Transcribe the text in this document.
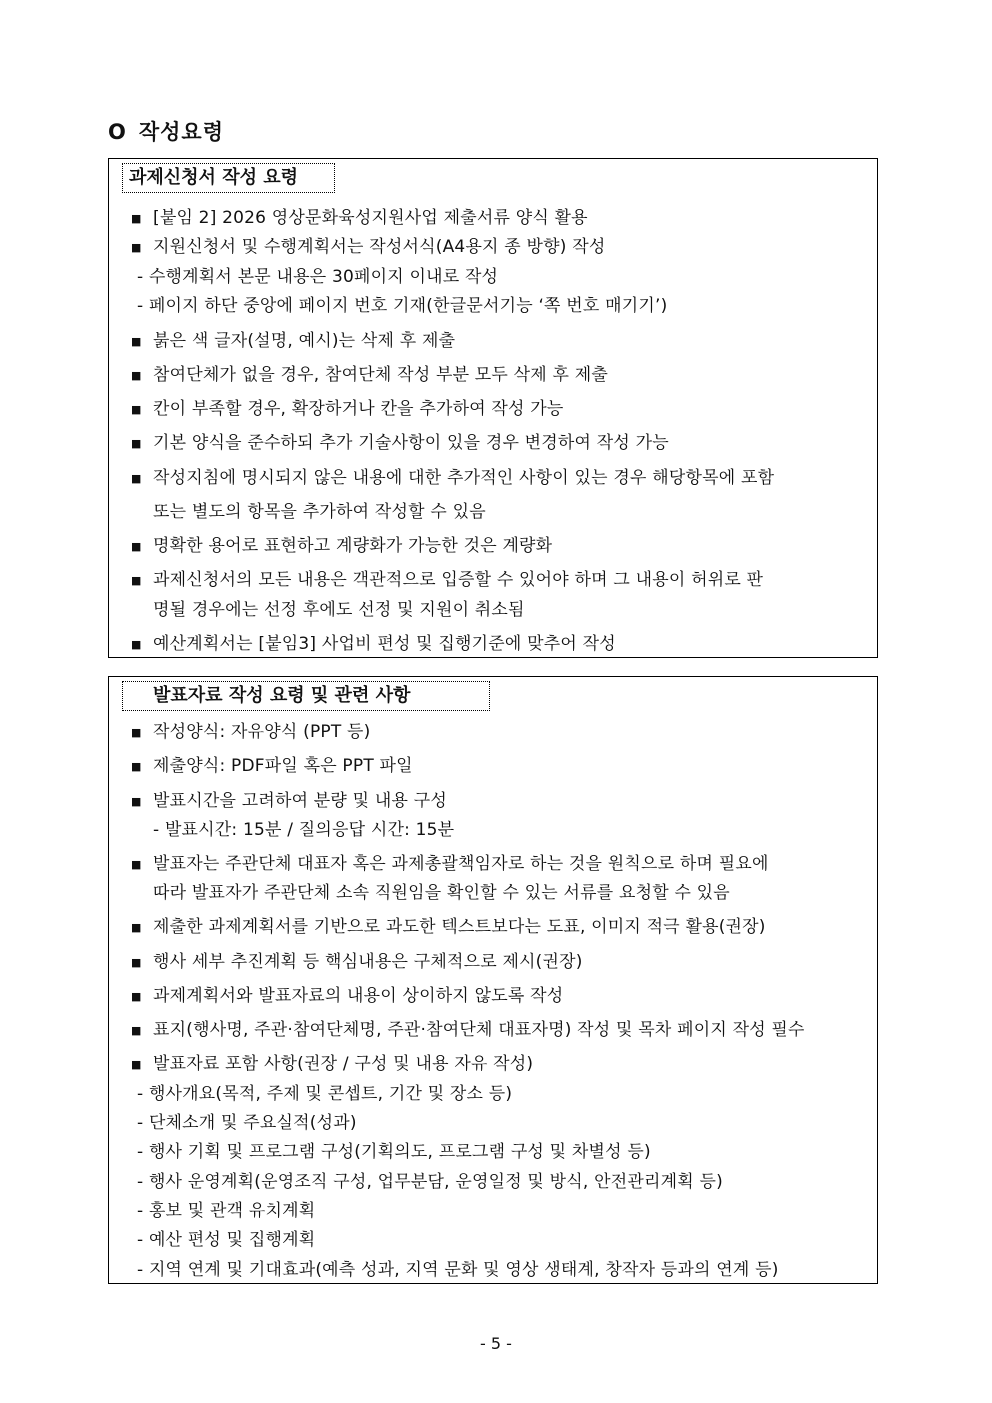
O 작성요령
과제신청서 작성 요령
■ [붙임 2] 2026 영상문화육성지원사업 제출서류 양식 활용
■ 지원신청서 및 수행계획서는 작성서식(A4용지 종 방향) 작성
- 수행계획서 본문 내용은 30페이지 이내로 작성
- 페이지 하단 중앙에 페이지 번호 기재(한글문서기능 ‘쪽 번호 매기기’)
■ 붉은 색 글자(설명, 예시)는 삭제 후 제출
■ 참여단체가 없을 경우, 참여단체 작성 부분 모두 삭제 후 제출
■ 칸이 부족할 경우, 확장하거나 칸을 추가하여 작성 가능
■ 기본 양식을 준수하되 추가 기술사항이 있을 경우 변경하여 작성 가능
■ 작성지침에 명시되지 않은 내용에 대한 추가적인 사항이 있는 경우 해당항목에 포함
또는 별도의 항목을 추가하여 작성할 수 있음
■ 명확한 용어로 표현하고 계량화가 가능한 것은 계량화
■ 과제신청서의 모든 내용은 객관적으로 입증할 수 있어야 하며 그 내용이 허위로 판
명될 경우에는 선정 후에도 선정 및 지원이 취소됨
■ 예산계획서는 [붙임3] 사업비 편성 및 집행기준에 맞추어 작성
발표자료 작성 요령 및 관련 사항
■ 작성양식: 자유양식 (PPT 등)
■ 제출양식: PDF파일 혹은 PPT 파일
■ 발표시간을 고려하여 분량 및 내용 구성
- 발표시간: 15분 / 질의응답 시간: 15분
■ 발표자는 주관단체 대표자 혹은 과제총괄책임자로 하는 것을 원칙으로 하며 필요에
따라 발표자가 주관단체 소속 직원임을 확인할 수 있는 서류를 요청할 수 있음
■ 제출한 과제계획서를 기반으로 과도한 텍스트보다는 도표, 이미지 적극 활용(권장)
■ 행사 세부 추진계획 등 핵심내용은 구체적으로 제시(권장)
■ 과제계획서와 발표자료의 내용이 상이하지 않도록 작성
■ 표지(행사명, 주관·참여단체명, 주관·참여단체 대표자명) 작성 및 목차 페이지 작성 필수
■ 발표자료 포함 사항(권장 / 구성 및 내용 자유 작성)
- 행사개요(목적, 주제 및 콘셉트, 기간 및 장소 등)
- 단체소개 및 주요실적(성과)
- 행사 기획 및 프로그램 구성(기획의도, 프로그램 구성 및 차별성 등)
- 행사 운영계획(운영조직 구성, 업무분담, 운영일정 및 방식, 안전관리계획 등)
- 홍보 및 관객 유치계획
- 예산 편성 및 집행계획
- 지역 연계 및 기대효과(예측 성과, 지역 문화 및 영상 생태계, 창작자 등과의 연계 등)
- 5 -
